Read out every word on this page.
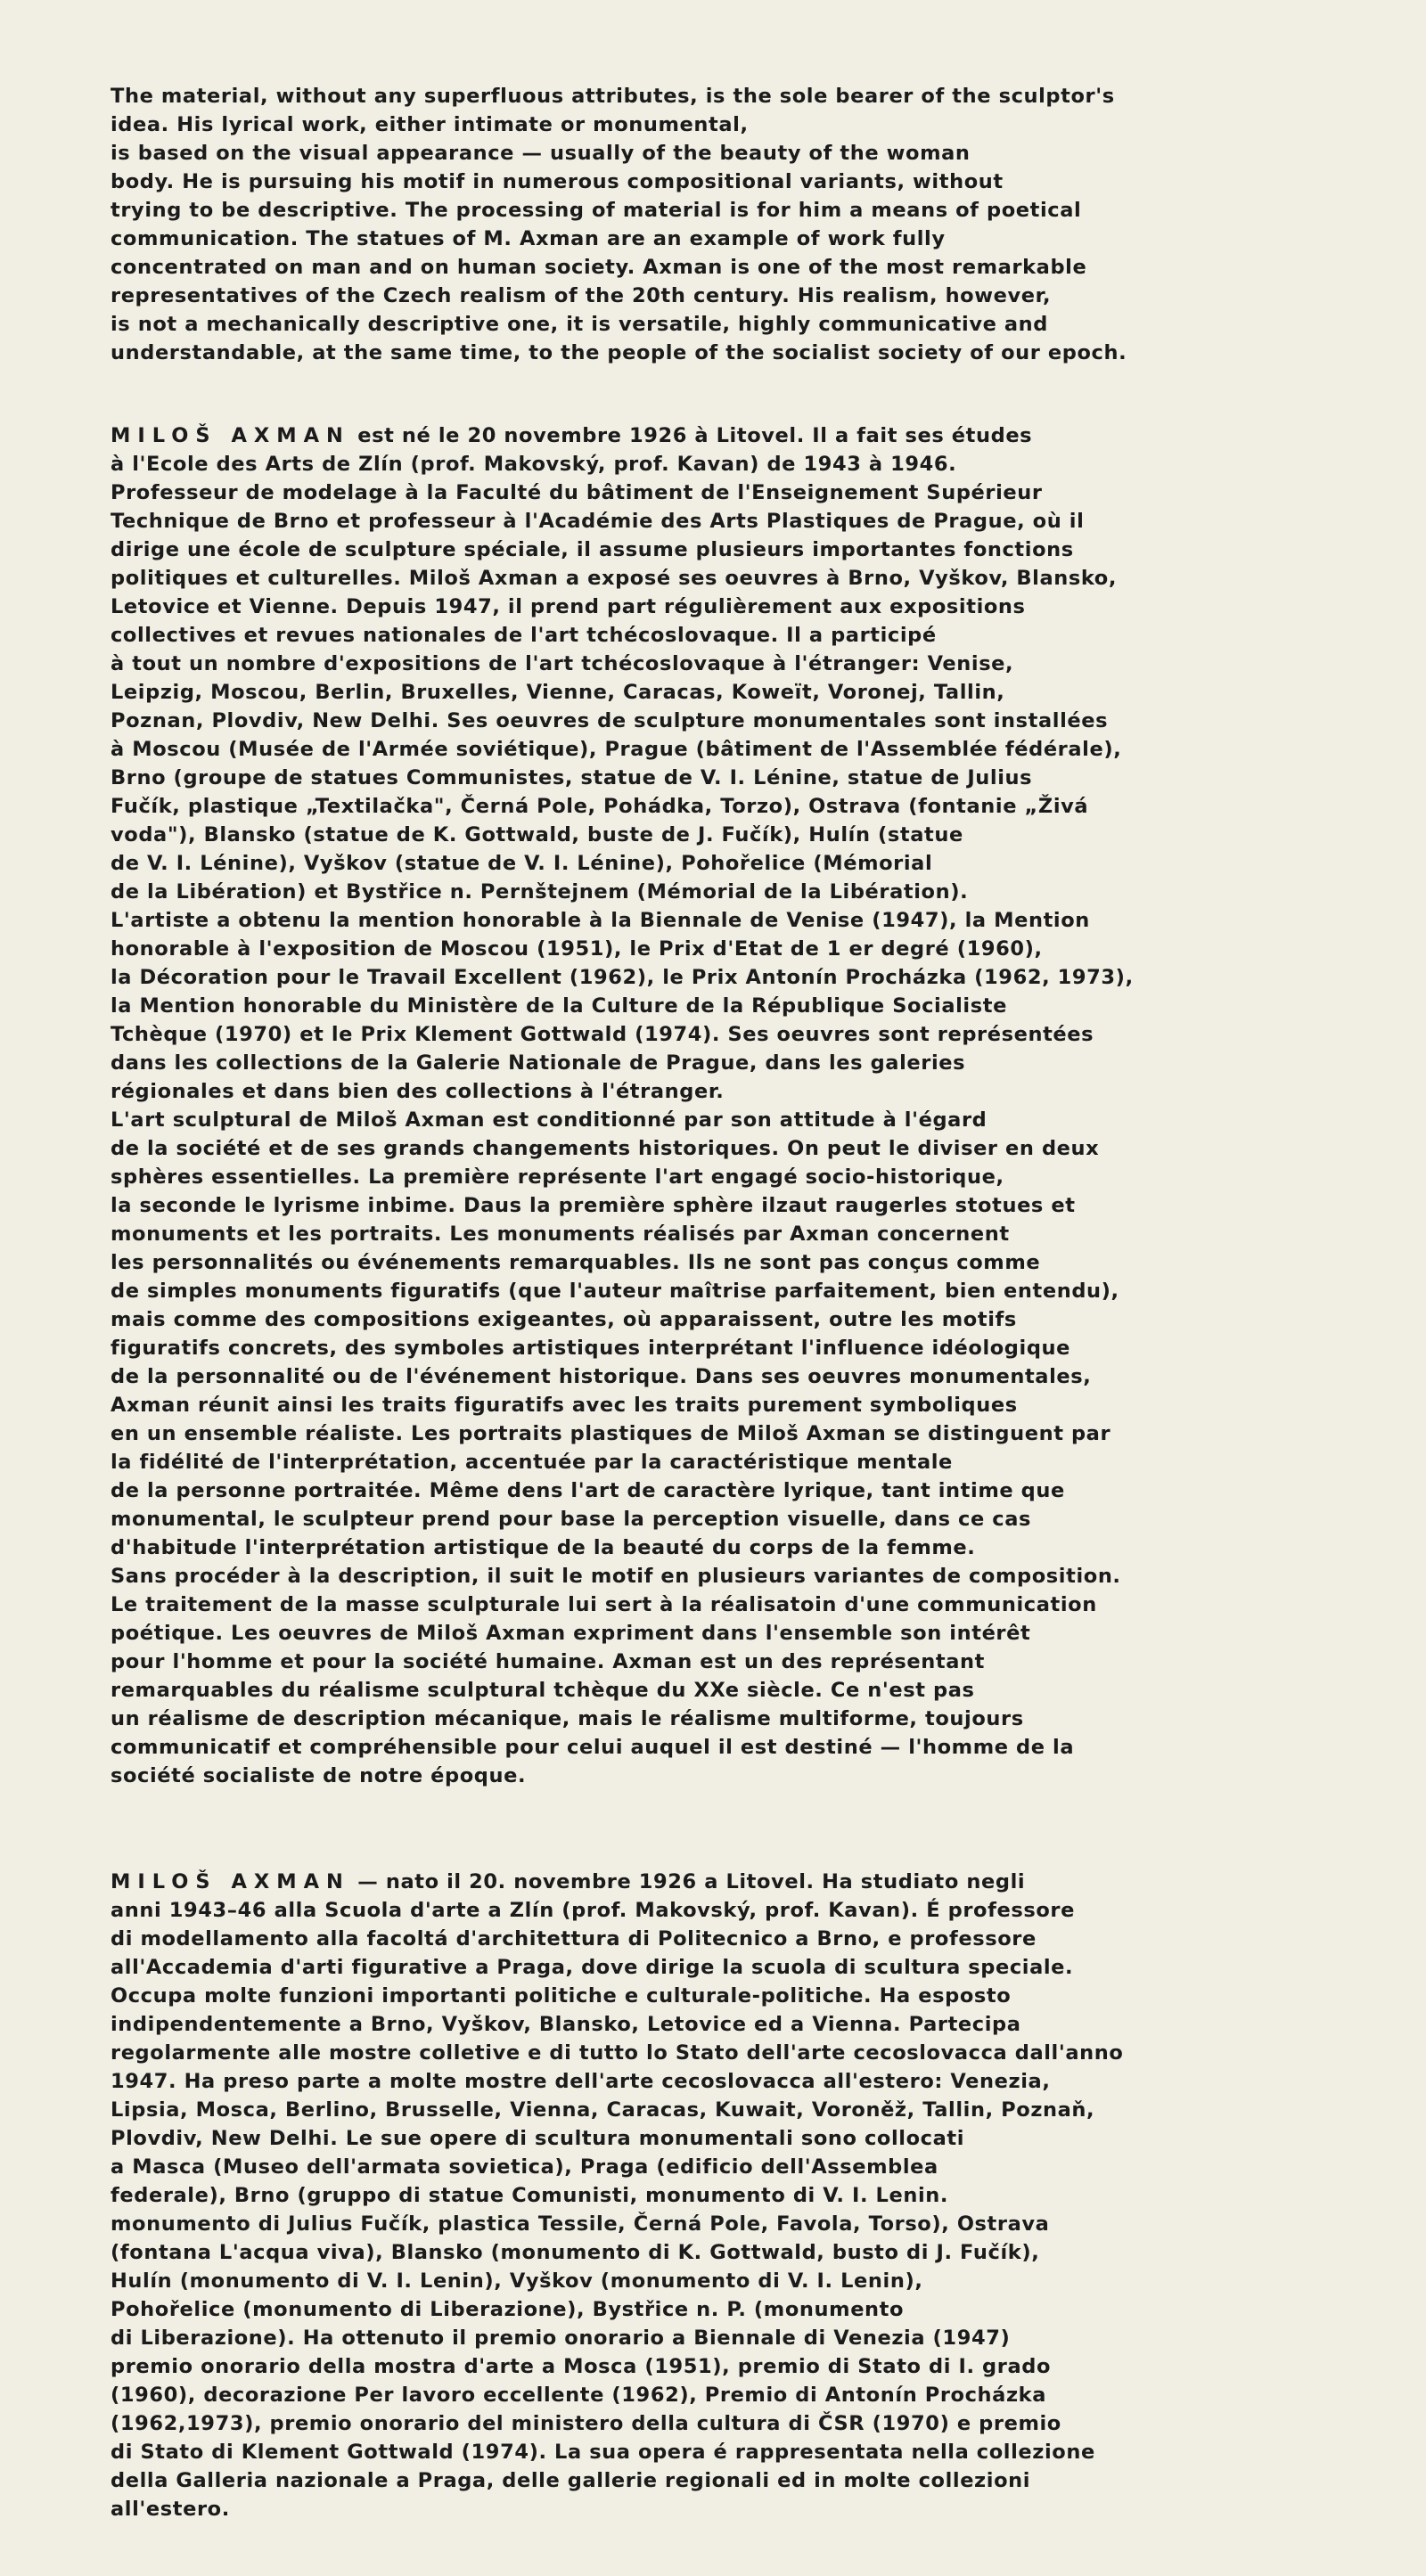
The material, without any superfluous attributes, is the sole bearer of the sculptor's
idea. His lyrical work, either intimate or monumental,
is based on the visual appearance — usually of the beauty of the woman
body. He is pursuing his motif in numerous compositional variants, without
trying to be descriptive. The processing of material is for him a means of poetical
communication. The statues of M. Axman are an example of work fully
concentrated on man and on human society. Axman is one of the most remarkable
representatives of the Czech realism of the 20th century. His realism, however,
is not a mechanically descriptive one, it is versatile, highly communicative and
understandable, at the same time, to the people of the socialist society of our epoch.

MILOŠ AXMAN est né le 20 novembre 1926 à Litovel. Il a fait ses études
à l'Ecole des Arts de Zlín (prof. Makovský, prof. Kavan) de 1943 à 1946.
Professeur de modelage à la Faculté du bâtiment de l'Enseignement Supérieur
Technique de Brno et professeur à l'Académie des Arts Plastiques de Prague, où il
dirige une école de sculpture spéciale, il assume plusieurs importantes fonctions
politiques et culturelles. Miloš Axman a exposé ses oeuvres à Brno, Vyškov, Blansko,
Letovice et Vienne. Depuis 1947, il prend part régulièrement aux expositions
collectives et revues nationales de l'art tchécoslovaque. Il a participé
à tout un nombre d'expositions de l'art tchécoslovaque à l'étranger: Venise,
Leipzig, Moscou, Berlin, Bruxelles, Vienne, Caracas, Koweït, Voronej, Tallin,
Poznan, Plovdiv, New Delhi. Ses oeuvres de sculpture monumentales sont installées
à Moscou (Musée de l'Armée soviétique), Prague (bâtiment de l'Assemblée fédérale),
Brno (groupe de statues Communistes, statue de V. I. Lénine, statue de Julius
Fučík, plastique „Textilačka", Černá Pole, Pohádka, Torzo), Ostrava (fontanie „Živá
voda"), Blansko (statue de K. Gottwald, buste de J. Fučík), Hulín (statue
de V. I. Lénine), Vyškov (statue de V. I. Lénine), Pohořelice (Mémorial
de la Libération) et Bystřice n. Pernštejnem (Mémorial de la Libération).
L'artiste a obtenu la mention honorable à la Biennale de Venise (1947), la Mention
honorable à l'exposition de Moscou (1951), le Prix d'Etat de 1 er degré (1960),
la Décoration pour le Travail Excellent (1962), le Prix Antonín Procházka (1962, 1973),
la Mention honorable du Ministère de la Culture de la République Socialiste
Tchèque (1970) et le Prix Klement Gottwald (1974). Ses oeuvres sont représentées
dans les collections de la Galerie Nationale de Prague, dans les galeries
régionales et dans bien des collections à l'étranger.
L'art sculptural de Miloš Axman est conditionné par son attitude à l'égard
de la société et de ses grands changements historiques. On peut le diviser en deux
sphères essentielles. La première représente l'art engagé socio-historique,
la seconde le lyrisme inbime. Daus la première sphère ilzaut raugerles stotues et
monuments et les portraits. Les monuments réalisés par Axman concernent
les personnalités ou événements remarquables. Ils ne sont pas conçus comme
de simples monuments figuratifs (que l'auteur maîtrise parfaitement, bien entendu),
mais comme des compositions exigeantes, où apparaissent, outre les motifs
figuratifs concrets, des symboles artistiques interprétant l'influence idéologique
de la personnalité ou de l'événement historique. Dans ses oeuvres monumentales,
Axman réunit ainsi les traits figuratifs avec les traits purement symboliques
en un ensemble réaliste. Les portraits plastiques de Miloš Axman se distinguent par
la fidélité de l'interprétation, accentuée par la caractéristique mentale
de la personne portraitée. Même dens l'art de caractère lyrique, tant intime que
monumental, le sculpteur prend pour base la perception visuelle, dans ce cas
d'habitude l'interprétation artistique de la beauté du corps de la femme.
Sans procéder à la description, il suit le motif en plusieurs variantes de composition.
Le traitement de la masse sculpturale lui sert à la réalisatoin d'une communication
poétique. Les oeuvres de Miloš Axman expriment dans l'ensemble son intérêt
pour l'homme et pour la société humaine. Axman est un des représentant
remarquables du réalisme sculptural tchèque du XXe siècle. Ce n'est pas
un réalisme de description mécanique, mais le réalisme multiforme, toujours
communicatif et compréhensible pour celui auquel il est destiné — l'homme de la
société socialiste de notre époque.

MILOŠ AXMAN — nato il 20. novembre 1926 a Litovel. Ha studiato negli
anni 1943–46 alla Scuola d'arte a Zlín (prof. Makovský, prof. Kavan). É professore
di modellamento alla facoltá d'architettura di Politecnico a Brno, e professore
all'Accademia d'arti figurative a Praga, dove dirige la scuola di scultura speciale.
Occupa molte funzioni importanti politiche e culturale-politiche. Ha esposto
indipendentemente a Brno, Vyškov, Blansko, Letovice ed a Vienna. Partecipa
regolarmente alle mostre colletive e di tutto lo Stato dell'arte cecoslovacca dall'anno
1947. Ha preso parte a molte mostre dell'arte cecoslovacca all'estero: Venezia,
Lipsia, Mosca, Berlino, Brusselle, Vienna, Caracas, Kuwait, Voroněž, Tallin, Poznaň,
Plovdiv, New Delhi. Le sue opere di scultura monumentali sono collocati
a Masca (Museo dell'armata sovietica), Praga (edificio dell'Assemblea
federale), Brno (gruppo di statue Comunisti, monumento di V. I. Lenin.
monumento di Julius Fučík, plastica Tessile, Černá Pole, Favola, Torso), Ostrava
(fontana L'acqua viva), Blansko (monumento di K. Gottwald, busto di J. Fučík),
Hulín (monumento di V. I. Lenin), Vyškov (monumento di V. I. Lenin),
Pohořelice (monumento di Liberazione), Bystřice n. P. (monumento
di Liberazione). Ha ottenuto il premio onorario a Biennale di Venezia (1947)
premio onorario della mostra d'arte a Mosca (1951), premio di Stato di I. grado
(1960), decorazione Per lavoro eccellente (1962), Premio di Antonín Procházka
(1962,1973), premio onorario del ministero della cultura di ČSR (1970) e premio
di Stato di Klement Gottwald (1974). La sua opera é rappresentata nella collezione
della Galleria nazionale a Praga, delle gallerie regionali ed in molte collezioni
all'estero.
